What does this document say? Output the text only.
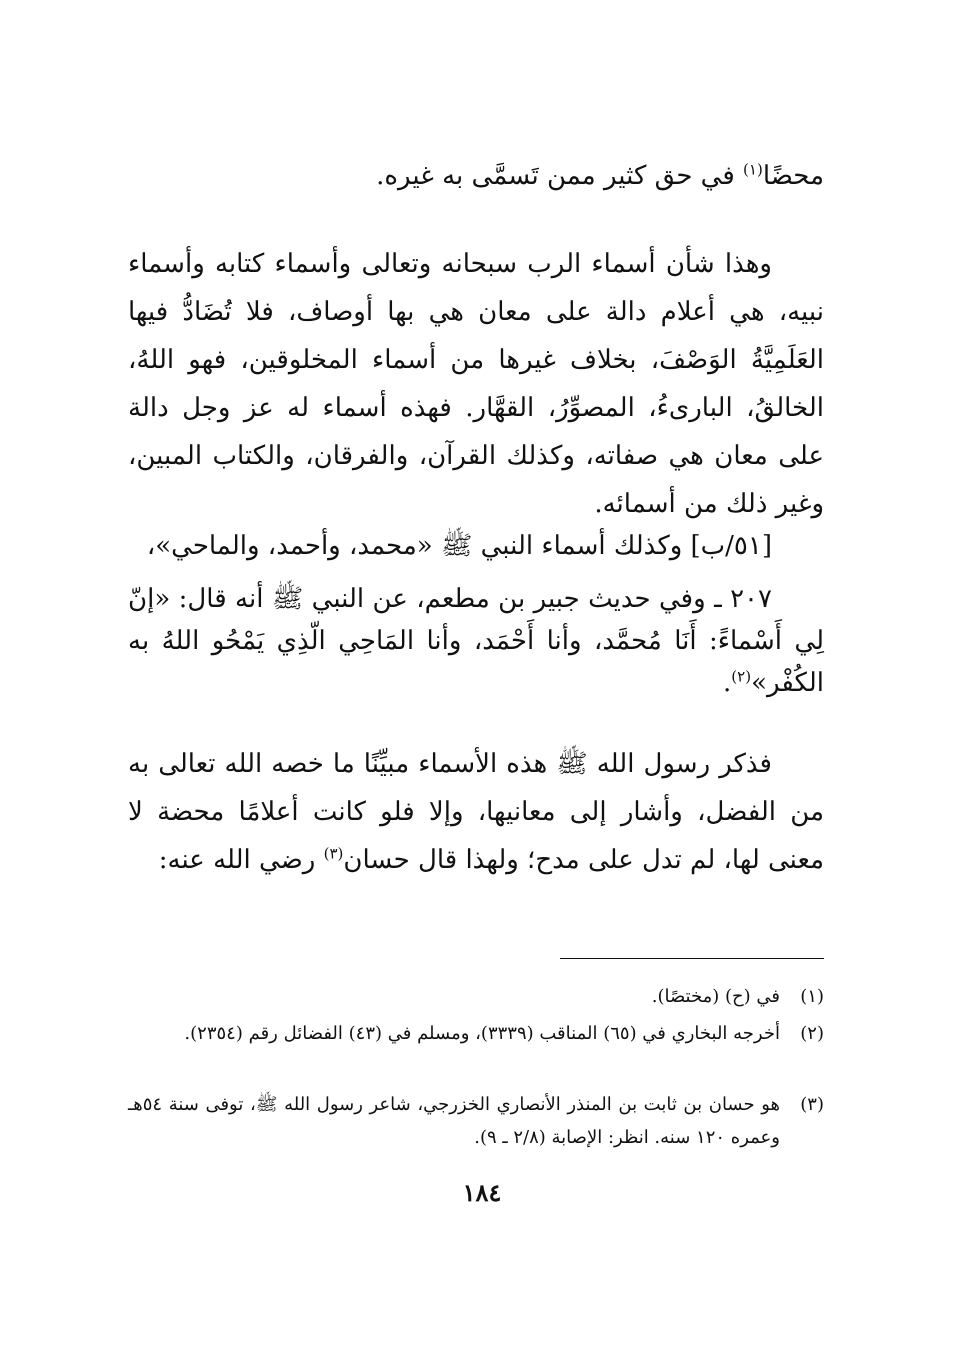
محضًا$^{(١)}$ في حق كثير ممن تَسمَّى به غيره.
وهذا شأن أسماء الرب سبحانه وتعالى وأسماء كتابه وأسماء نبيه، هي أعلام دالة على معان هي بها أوصاف، فلا تُضَادُّ فيها العَلَمِيَّةُ الوَصْفَ، بخلاف غيرها من أسماء المخلوقين، فهو اللهُ، الخالقُ، البارىءُ، المصوِّرُ، القهَّار. فهذه أسماء له عز وجل دالة على معان هي صفاته، وكذلك القرآن، والفرقان، والكتاب المبين، وغير ذلك من أسمائه.
[٥١/ب] وكذلك أسماء النبي ﷺ «محمد، وأحمد، والماحي»،
٢٠٧ ـ وفي حديث جبير بن مطعم، عن النبي ﷺ أنه قال: «إنّ لِي أَسْماءً: أَنَا مُحمَّد، وأنا أَحْمَد، وأنا المَاحِي الّذِي يَمْحُو اللهُ به الكُفْر»$^{(٢)}$.
فذكر رسول الله ﷺ هذه الأسماء مبيِّنًا ما خصه الله تعالى به من الفضل، وأشار إلى معانيها، وإلا فلو كانت أعلامًا محضة لا معنى لها، لم تدل على مدح؛ ولهذا قال حسان$^{(٣)}$ رضي الله عنه:
(١)
في (ح) (مختصًا).
(٢)
أخرجه البخاري في (٦٥) المناقب (٣٣٣٩)، ومسلم في (٤٣) الفضائل رقم (٢٣٥٤).
(٣)
هو حسان بن ثابت بن المنذر الأنصاري الخزرجي، شاعر رسول الله ﷺ، توفى سنة ٥٤هـ وعمره ١٢٠ سنه. انظر: الإصابة (٢/٨ ـ ٩).
١٨٤
